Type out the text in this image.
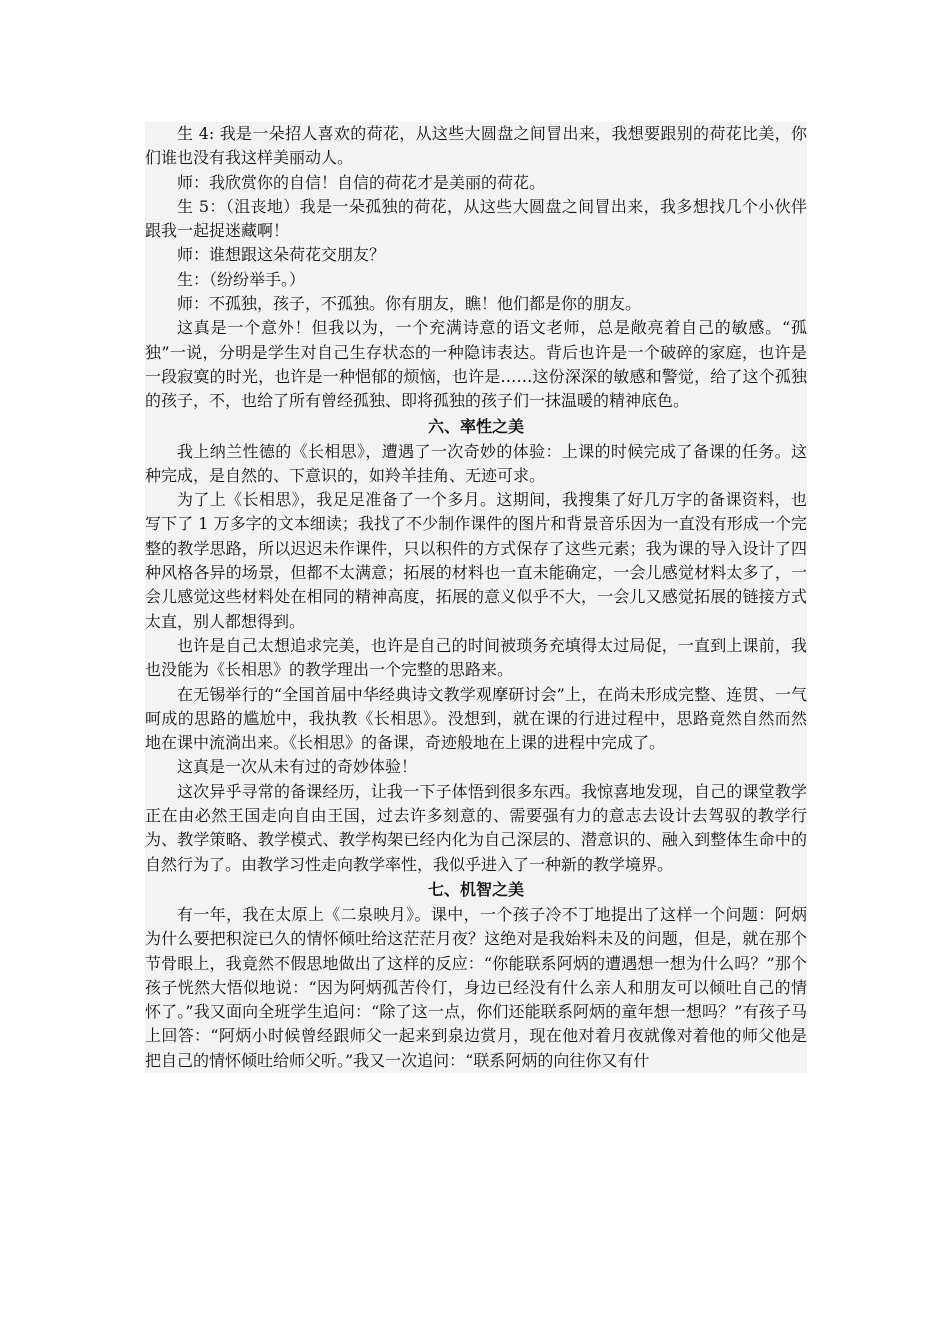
生 4: 我是一朵招人喜欢的荷花，从这些大圆盘之间冒出来，我想要跟别的荷花比美，你们谁也没有我这样美丽动人。

师：我欣赏你的自信！自信的荷花才是美丽的荷花。

生 5：（沮丧地）我是一朵孤独的荷花，从这些大圆盘之间冒出来，我多想找几个小伙伴跟我一起捉迷藏啊！

师：谁想跟这朵荷花交朋友？

生：（纷纷举手。）

师：不孤独，孩子，不孤独。你有朋友，瞧！他们都是你的朋友。

这真是一个意外！但我以为，一个充满诗意的语文老师，总是敞亮着自己的敏感。“孤独”一说，分明是学生对自己生存状态的一种隐讳表达。背后也许是一个破碎的家庭，也许是一段寂寞的时光，也许是一种悒郁的烦恼，也许是……这份深深的敏感和警觉，给了这个孤独的孩子，不，也给了所有曾经孤独、即将孤独的孩子们一抹温暖的精神底色。

六、率性之美

我上纳兰性德的《长相思》，遭遇了一次奇妙的体验：上课的时候完成了备课的任务。这种完成，是自然的、下意识的，如羚羊挂角、无迹可求。

为了上《长相思》，我足足准备了一个多月。这期间，我搜集了好几万字的备课资料，也写下了 1 万多字的文本细读；我找了不少制作课件的图片和背景音乐因为一直没有形成一个完整的教学思路，所以迟迟未作课件，只以积件的方式保存了这些元素；我为课的导入设计了四种风格各异的场景，但都不太满意；拓展的材料也一直未能确定，一会儿感觉材料太多了，一会儿感觉这些材料处在相同的精神高度，拓展的意义似乎不大，一会儿又感觉拓展的链接方式太直，别人都想得到。

也许是自己太想追求完美，也许是自己的时间被琐务充填得太过局促，一直到上课前，我也没能为《长相思》的教学理出一个完整的思路来。

在无锡举行的“全国首届中华经典诗文教学观摩研讨会”上，在尚未形成完整、连贯、一气呵成的思路的尴尬中，我执教《长相思》。没想到，就在课的行进过程中，思路竟然自然而然地在课中流淌出来。《长相思》的备课，奇迹般地在上课的进程中完成了。

这真是一次从未有过的奇妙体验！

这次异乎寻常的备课经历，让我一下子体悟到很多东西。我惊喜地发现，自己的课堂教学正在由必然王国走向自由王国，过去许多刻意的、需要强有力的意志去设计去驾驭的教学行为、教学策略、教学模式、教学构架已经内化为自己深层的、潜意识的、融入到整体生命中的自然行为了。由教学习性走向教学率性，我似乎进入了一种新的教学境界。

七、机智之美

有一年，我在太原上《二泉映月》。课中，一个孩子冷不丁地提出了这样一个问题：阿炳为什么要把积淀已久的情怀倾吐给这茫茫月夜？这绝对是我始料未及的问题，但是，就在那个节骨眼上，我竟然不假思地做出了这样的反应：“你能联系阿炳的遭遇想一想为什么吗？”那个孩子恍然大悟似地说：“因为阿炳孤苦伶仃，身边已经没有什么亲人和朋友可以倾吐自己的情怀了。”我又面向全班学生追问：“除了这一点，你们还能联系阿炳的童年想一想吗？”有孩子马上回答：“阿炳小时候曾经跟师父一起来到泉边赏月，现在他对着月夜就像对着他的师父他是把自己的情怀倾吐给师父听。”我又一次追问：“联系阿炳的向往你又有什
